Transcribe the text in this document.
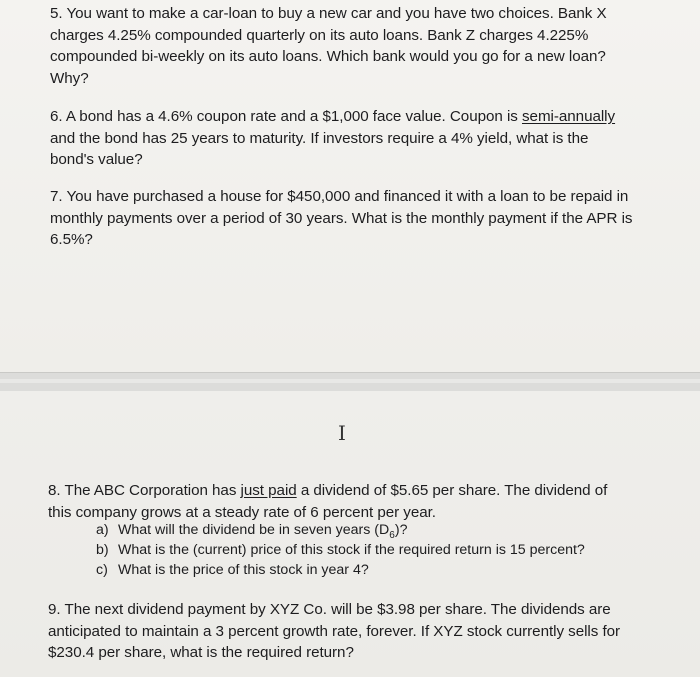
5. You want to make a car-loan to buy a new car and you have two choices. Bank X

charges 4.25% compounded quarterly on its auto loans. Bank Z charges 4.225%

compounded bi-weekly on its auto loans. Which bank would you go for a new loan?

Why?

6. A bond has a 4.6% coupon rate and a $1,000 face value. Coupon is semi-annually

and the bond has 25 years to maturity. If investors require a 4% yield, what is the

bond's value?

7. You have purchased a house for $450,000 and financed it with a loan to be repaid in

monthly payments over a period of 30 years. What is the monthly payment if the APR is

6.5%?

I

8. The ABC Corporation has just paid a dividend of $5.65 per share. The dividend of

this company grows at a steady rate of 6 percent per year.

a) What will the dividend be in seven years $(D_6)$?
b) What is the (current) price of this stock if the required return is 15 percent?
c) What is the price of this stock in year 4?

9. The next dividend payment by XYZ Co. will be $3.98 per share. The dividends are

anticipated to maintain a 3 percent growth rate, forever. If XYZ stock currently sells for

$230.4 per share, what is the required return?
